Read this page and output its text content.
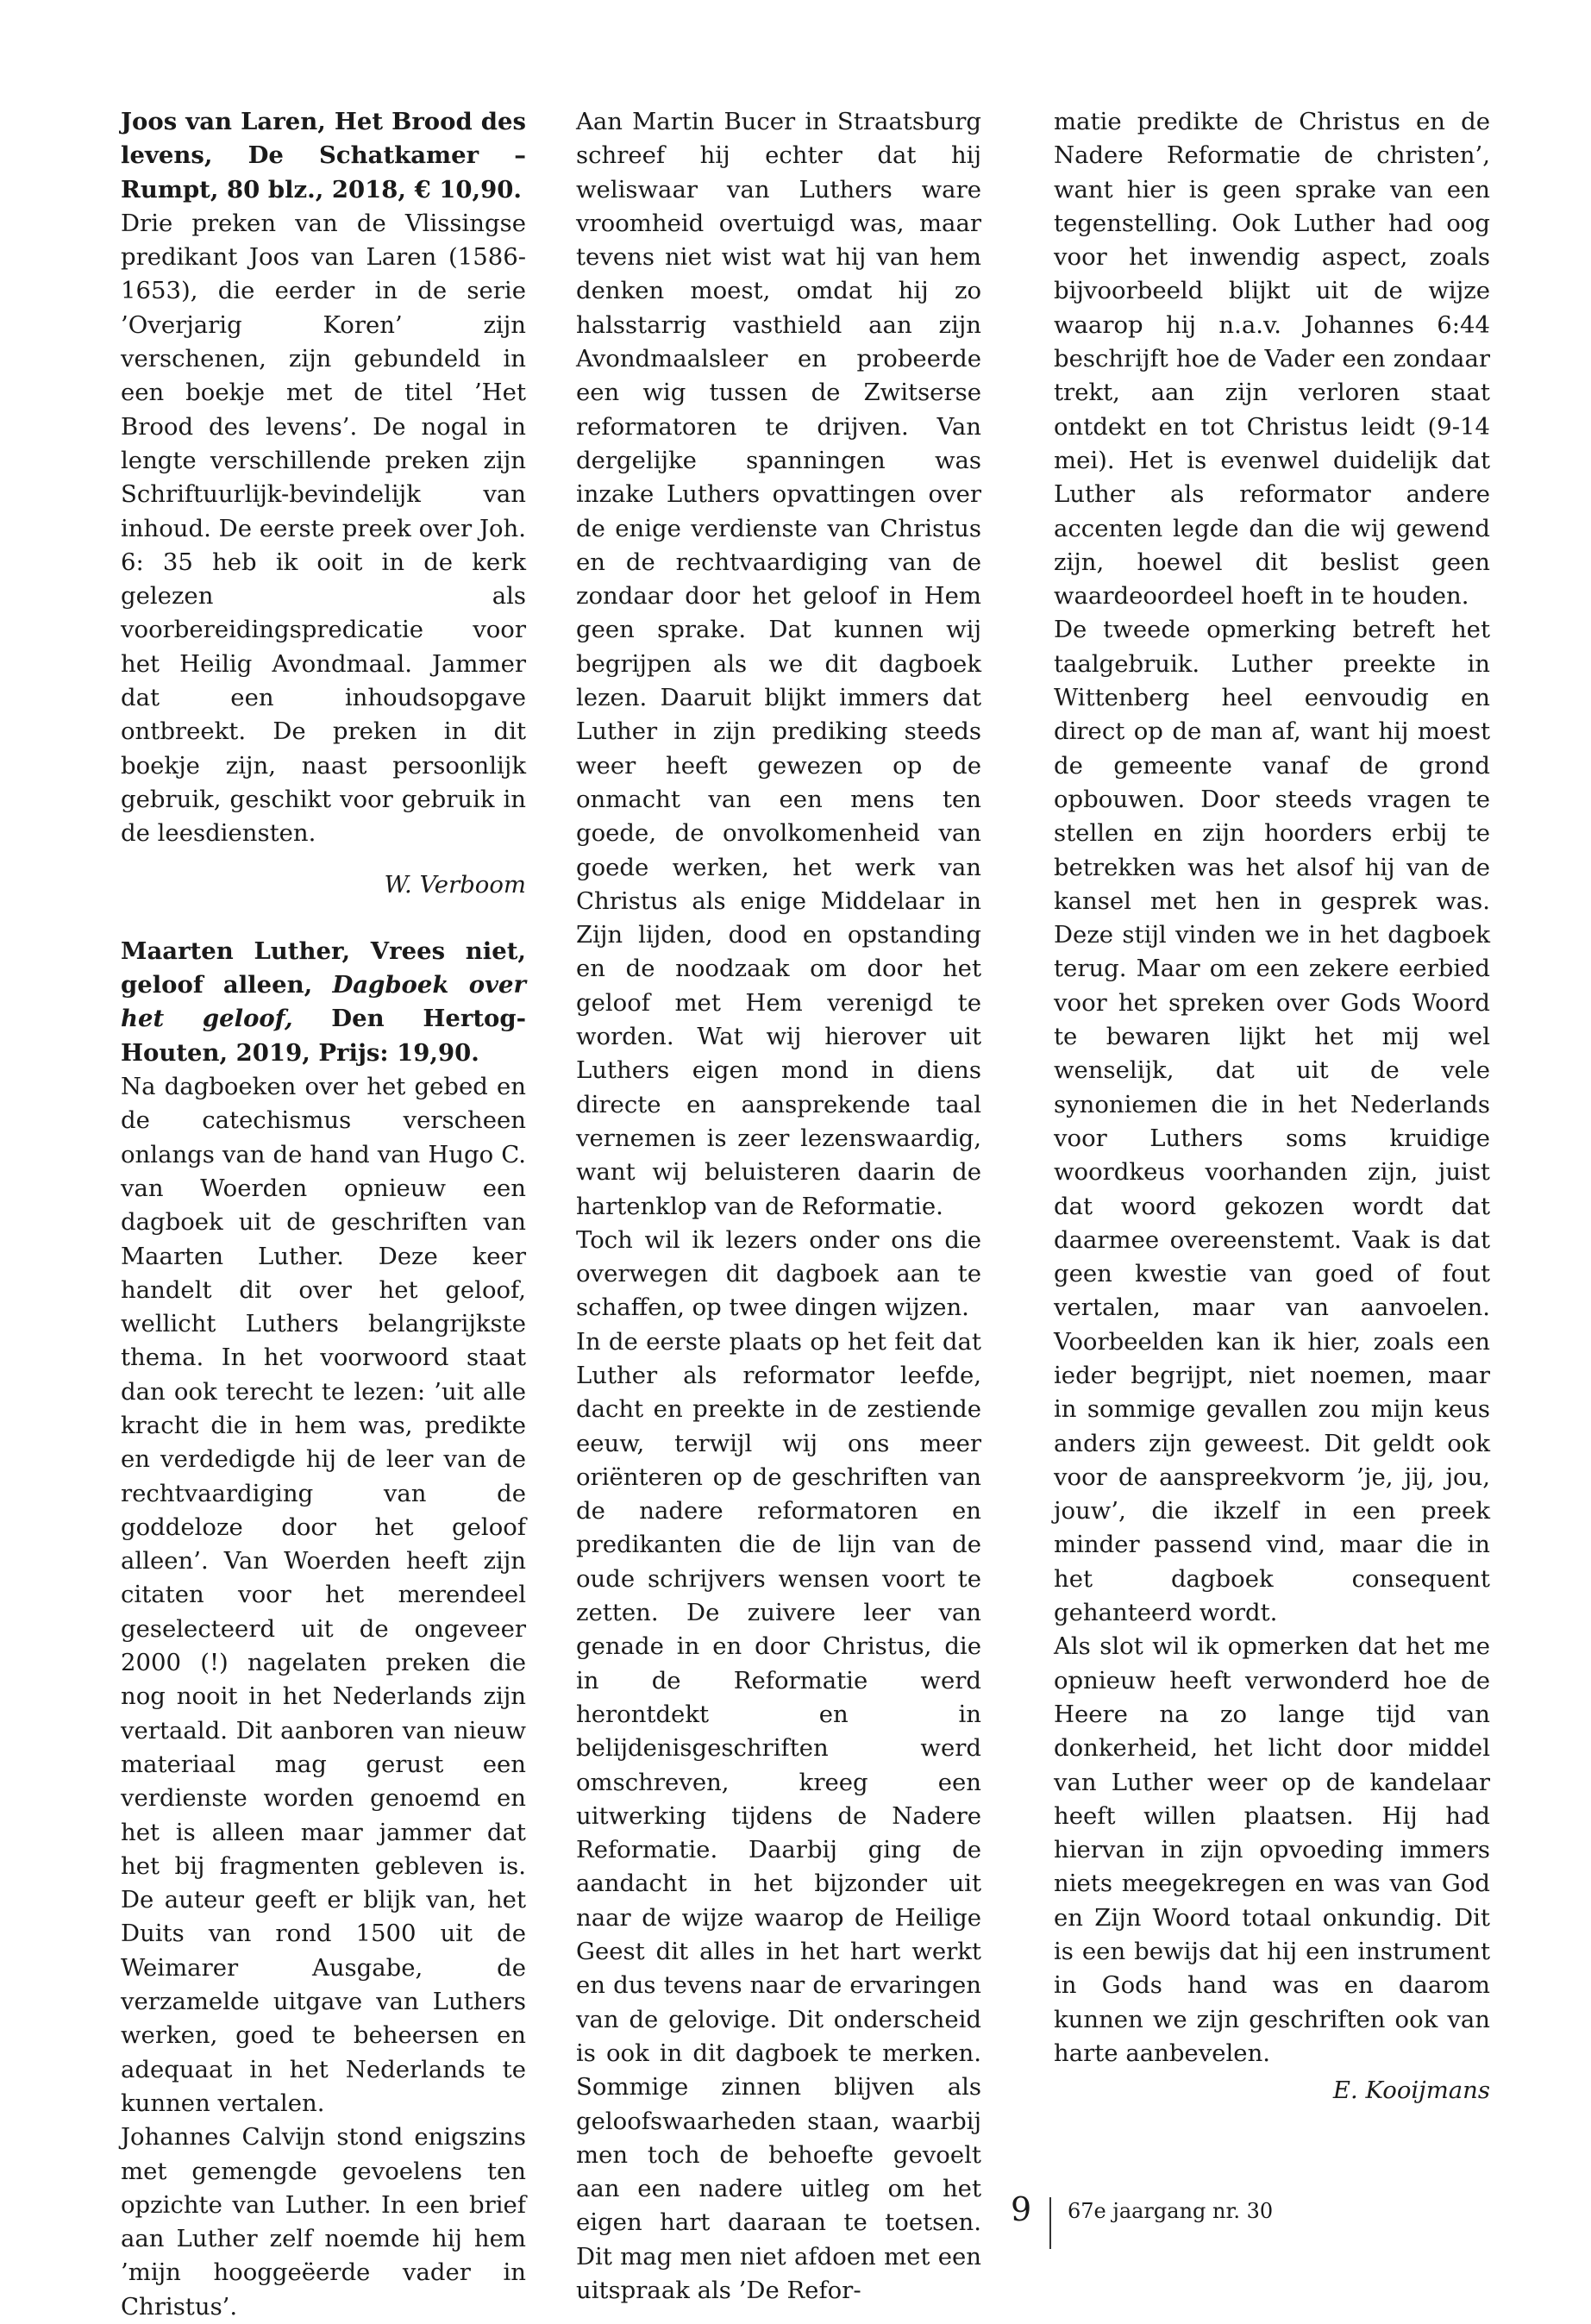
Joos van Laren, Het Brood des levens, De Schatkamer – Rumpt, 80 blz., 2018, € 10,90.

Drie preken van de Vlissingse predikant Joos van Laren (1586-1653), die eerder in de serie ’Overjarig Koren’ zijn verschenen, zijn gebundeld in een boekje met de titel ’Het Brood des levens’. De nogal in lengte verschillende preken zijn Schriftuurlijk-bevindelijk van inhoud. De eerste preek over Joh. 6: 35 heb ik ooit in de kerk gelezen als voorbereidingspredicatie voor het Heilig Avondmaal. Jammer dat een inhoudsopgave ontbreekt. De preken in dit boekje zijn, naast persoonlijk gebruik, geschikt voor gebruik in de leesdiensten.

W. Verboom

Maarten Luther, Vrees niet, geloof alleen, Dagboek over het geloof, Den Hertog-Houten, 2019, Prijs: 19,90.

Na dagboeken over het gebed en de catechismus verscheen onlangs van de hand van Hugo C. van Woerden opnieuw een dagboek uit de geschriften van Maarten Luther. Deze keer handelt dit over het geloof, wellicht Luthers belangrijkste thema. In het voorwoord staat dan ook terecht te lezen: ’uit alle kracht die in hem was, predikte en verdedigde hij de leer van de rechtvaardiging van de goddeloze door het geloof alleen’. Van Woerden heeft zijn citaten voor het merendeel geselecteerd uit de ongeveer 2000 (!) nagelaten preken die nog nooit in het Nederlands zijn vertaald. Dit aanboren van nieuw materiaal mag gerust een verdienste worden genoemd en het is alleen maar jammer dat het bij fragmenten gebleven is. De auteur geeft er blijk van, het Duits van rond 1500 uit de Weimarer Ausgabe, de verzamelde uitgave van Luthers werken, goed te beheersen en adequaat in het Nederlands te kunnen vertalen.

Johannes Calvijn stond enigszins met gemengde gevoelens ten opzichte van Luther. In een brief aan Luther zelf noemde hij hem ’mijn hooggeëerde vader in Christus’.

Aan Martin Bucer in Straatsburg schreef hij echter dat hij weliswaar van Luthers ware vroomheid overtuigd was, maar tevens niet wist wat hij van hem denken moest, omdat hij zo halsstarrig vasthield aan zijn Avondmaalsleer en probeerde een wig tussen de Zwitserse reformatoren te drijven. Van dergelijke spanningen was inzake Luthers opvattingen over de enige verdienste van Christus en de rechtvaardiging van de zondaar door het geloof in Hem geen sprake. Dat kunnen wij begrijpen als we dit dagboek lezen. Daaruit blijkt immers dat Luther in zijn prediking steeds weer heeft gewezen op de onmacht van een mens ten goede, de onvolkomenheid van goede werken, het werk van Christus als enige Middelaar in Zijn lijden, dood en opstanding en de noodzaak om door het geloof met Hem verenigd te worden. Wat wij hierover uit Luthers eigen mond in diens directe en aansprekende taal vernemen is zeer lezenswaardig, want wij beluisteren daarin de hartenklop van de Reformatie.

Toch wil ik lezers onder ons die overwegen dit dagboek aan te schaffen, op twee dingen wijzen.

In de eerste plaats op het feit dat Luther als reformator leefde, dacht en preekte in de zestiende eeuw, terwijl wij ons meer oriënteren op de geschriften van de nadere reformatoren en predikanten die de lijn van de oude schrijvers wensen voort te zetten. De zuivere leer van genade in en door Christus, die in de Reformatie werd herontdekt en in belijdenisgeschriften werd omschreven, kreeg een uitwerking tijdens de Nadere Reformatie. Daarbij ging de aandacht in het bijzonder uit naar de wijze waarop de Heilige Geest dit alles in het hart werkt en dus tevens naar de ervaringen van de gelovige. Dit onderscheid is ook in dit dagboek te merken. Sommige zinnen blijven als geloofswaarheden staan, waarbij men toch de behoefte gevoelt aan een nadere uitleg om het eigen hart daaraan te toetsen. Dit mag men niet afdoen met een uitspraak als ’De Refor-

matie predikte de Christus en de Nadere Reformatie de christen’, want hier is geen sprake van een tegenstelling. Ook Luther had oog voor het inwendig aspect, zoals bijvoorbeeld blijkt uit de wijze waarop hij n.a.v. Johannes 6:44 beschrijft hoe de Vader een zondaar trekt, aan zijn verloren staat ontdekt en tot Christus leidt (9-14 mei). Het is evenwel duidelijk dat Luther als reformator andere accenten legde dan die wij gewend zijn, hoewel dit beslist geen waardeoordeel hoeft in te houden.

De tweede opmerking betreft het taalgebruik. Luther preekte in Wittenberg heel eenvoudig en direct op de man af, want hij moest de gemeente vanaf de grond opbouwen. Door steeds vragen te stellen en zijn hoorders erbij te betrekken was het alsof hij van de kansel met hen in gesprek was. Deze stijl vinden we in het dagboek terug. Maar om een zekere eerbied voor het spreken over Gods Woord te bewaren lijkt het mij wel wenselijk, dat uit de vele synoniemen die in het Nederlands voor Luthers soms kruidige woordkeus voorhanden zijn, juist dat woord gekozen wordt dat daarmee overeenstemt. Vaak is dat geen kwestie van goed of fout vertalen, maar van aanvoelen. Voorbeelden kan ik hier, zoals een ieder begrijpt, niet noemen, maar in sommige gevallen zou mijn keus anders zijn geweest. Dit geldt ook voor de aanspreekvorm ’je, jij, jou, jouw’, die ikzelf in een preek minder passend vind, maar die in het dagboek consequent gehanteerd wordt.

Als slot wil ik opmerken dat het me opnieuw heeft verwonderd hoe de Heere na zo lange tijd van donkerheid, het licht door middel van Luther weer op de kandelaar heeft willen plaatsen. Hij had hiervan in zijn opvoeding immers niets meegekregen en was van God en Zijn Woord totaal onkundig. Dit is een bewijs dat hij een instrument in Gods hand was en daarom kunnen we zijn geschriften ook van harte aanbevelen.

E. Kooijmans

9 67e jaargang nr. 30
